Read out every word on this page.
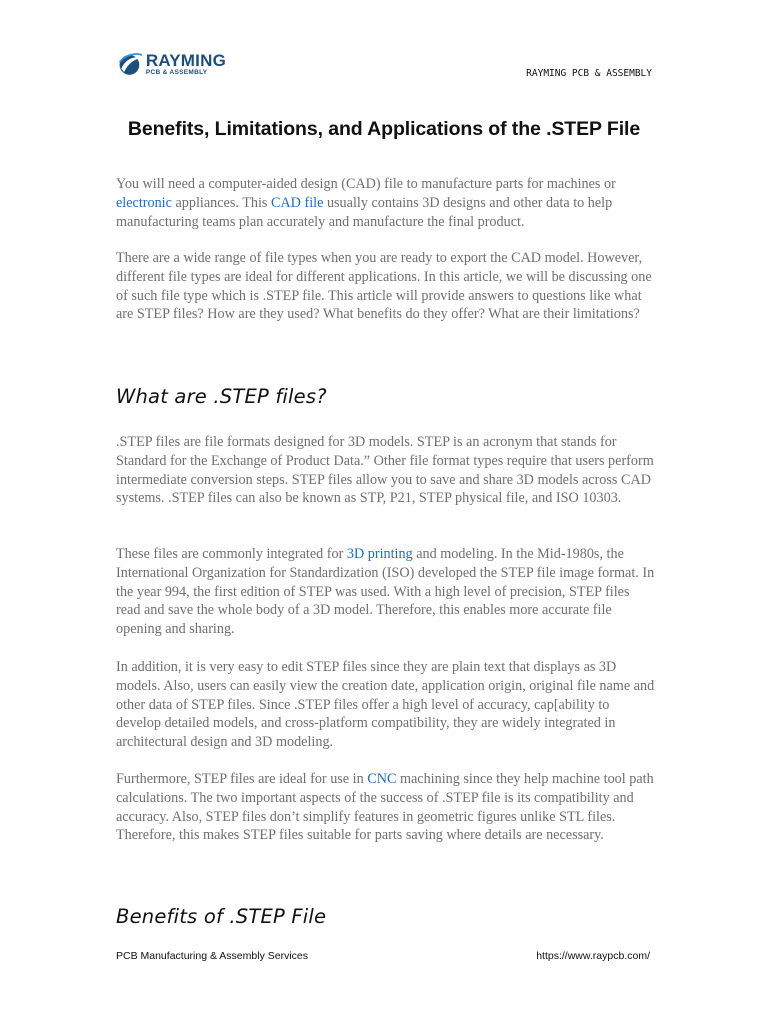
RAYMING
PCB & ASSEMBLY	RAYMING PCB & ASSEMBLY
Benefits, Limitations, and Applications of the .STEP File

You will need a computer-aided design (CAD) file to manufacture parts for machines or electronic appliances. This CAD file usually contains 3D designs and other data to help manufacturing teams plan accurately and manufacture the final product.

There are a wide range of file types when you are ready to export the CAD model. However, different file types are ideal for different applications. In this article, we will be discussing one of such file type which is .STEP file. This article will provide answers to questions like what are STEP files? How are they used? What benefits do they offer? What are their limitations?

What are .STEP files?

.STEP files are file formats designed for 3D models. STEP is an acronym that stands for Standard for the Exchange of Product Data.” Other file format types require that users perform intermediate conversion steps. STEP files allow you to save and share 3D models across CAD systems. .STEP files can also be known as STP, P21, STEP physical file, and ISO 10303.

These files are commonly integrated for 3D printing and modeling. In the Mid-1980s, the International Organization for Standardization (ISO) developed the STEP file image format. In the year 994, the first edition of STEP was used. With a high level of precision, STEP files read and save the whole body of a 3D model. Therefore, this enables more accurate file opening and sharing.

In addition, it is very easy to edit STEP files since they are plain text that displays as 3D models. Also, users can easily view the creation date, application origin, original file name and other data of STEP files. Since .STEP files offer a high level of accuracy, cap[ability to develop detailed models, and cross-platform compatibility, they are widely integrated in architectural design and 3D modeling.

Furthermore, STEP files are ideal for use in CNC machining since they help machine tool path calculations. The two important aspects of the success of .STEP file is its compatibility and accuracy. Also, STEP files don’t simplify features in geometric figures unlike STL files. Therefore, this makes STEP files suitable for parts saving where details are necessary.

Benefits of .STEP File
PCB Manufacturing & Assembly Services	https://www.raypcb.com/
